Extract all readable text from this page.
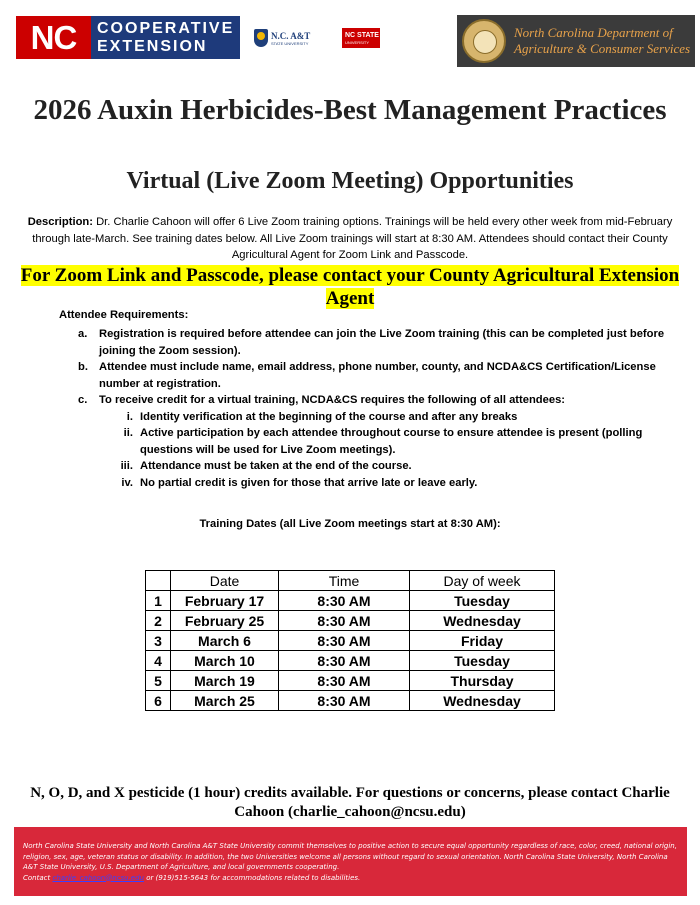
NC	COOPERATIVE
EXTENSION
N.C. A&T
STATE UNIVERSITY
NC STATE
UNIVERSITY
North Carolina Department of
Agriculture & Consumer Services
2026 Auxin Herbicides-Best Management Practices
Virtual (Live Zoom Meeting) Opportunities
Description: Dr. Charlie Cahoon will offer 6 Live Zoom training options. Trainings will be held every other week from mid-February through late-March. See training dates below. All Live Zoom trainings will start at 8:30 AM. Attendees should contact their County Agricultural Agent for Zoom Link and Passcode.
For Zoom Link and Passcode, please contact your County Agricultural Extension Agent
Attendee Requirements:
a.	Registration is required before attendee can join the Live Zoom training (this can be completed just before joining the Zoom session).
b. Attendee must include name, email address, phone number, county, and NCDA&CS Certification/License number at registration.
c.	To receive credit for a virtual training, NCDA&CS requires the following of all attendees:
i. Identity verification at the beginning of the course and after any breaks
ii. Active participation by each attendee throughout course to ensure attendee is present (polling questions will be used for Live Zoom meetings).
iii. Attendance must be taken at the end of the course.
iv. No partial credit is given for those that arrive late or leave early.
Training Dates (all Live Zoom meetings start at 8:30 AM):
	Date	Time	Day of week
1	February 17	8:30 AM	Tuesday
2	February 25	8:30 AM	Wednesday
3	March 6	8:30 AM	Friday
4	March 10	8:30 AM	Tuesday
5	March 19	8:30 AM	Thursday
6	March 25	8:30 AM	Wednesday
N, O, D, and X pesticide (1 hour) credits available. For questions or concerns, please contact Charlie Cahoon (charlie_cahoon@ncsu.edu)
North Carolina State University and North Carolina A&T State University commit themselves to positive action to secure equal opportunity regardless of race, color, creed, national origin, religion, sex, age, veteran status or disability. In addition, the two Universities welcome all persons without regard to sexual orientation. North Carolina State University, North Carolina A&T State University, U.S. Department of Agriculture, and local governments cooperating.
Contact charlie_cahoon@ncsu.edu or (919)515-5643 for accommodations related to disabilities.
